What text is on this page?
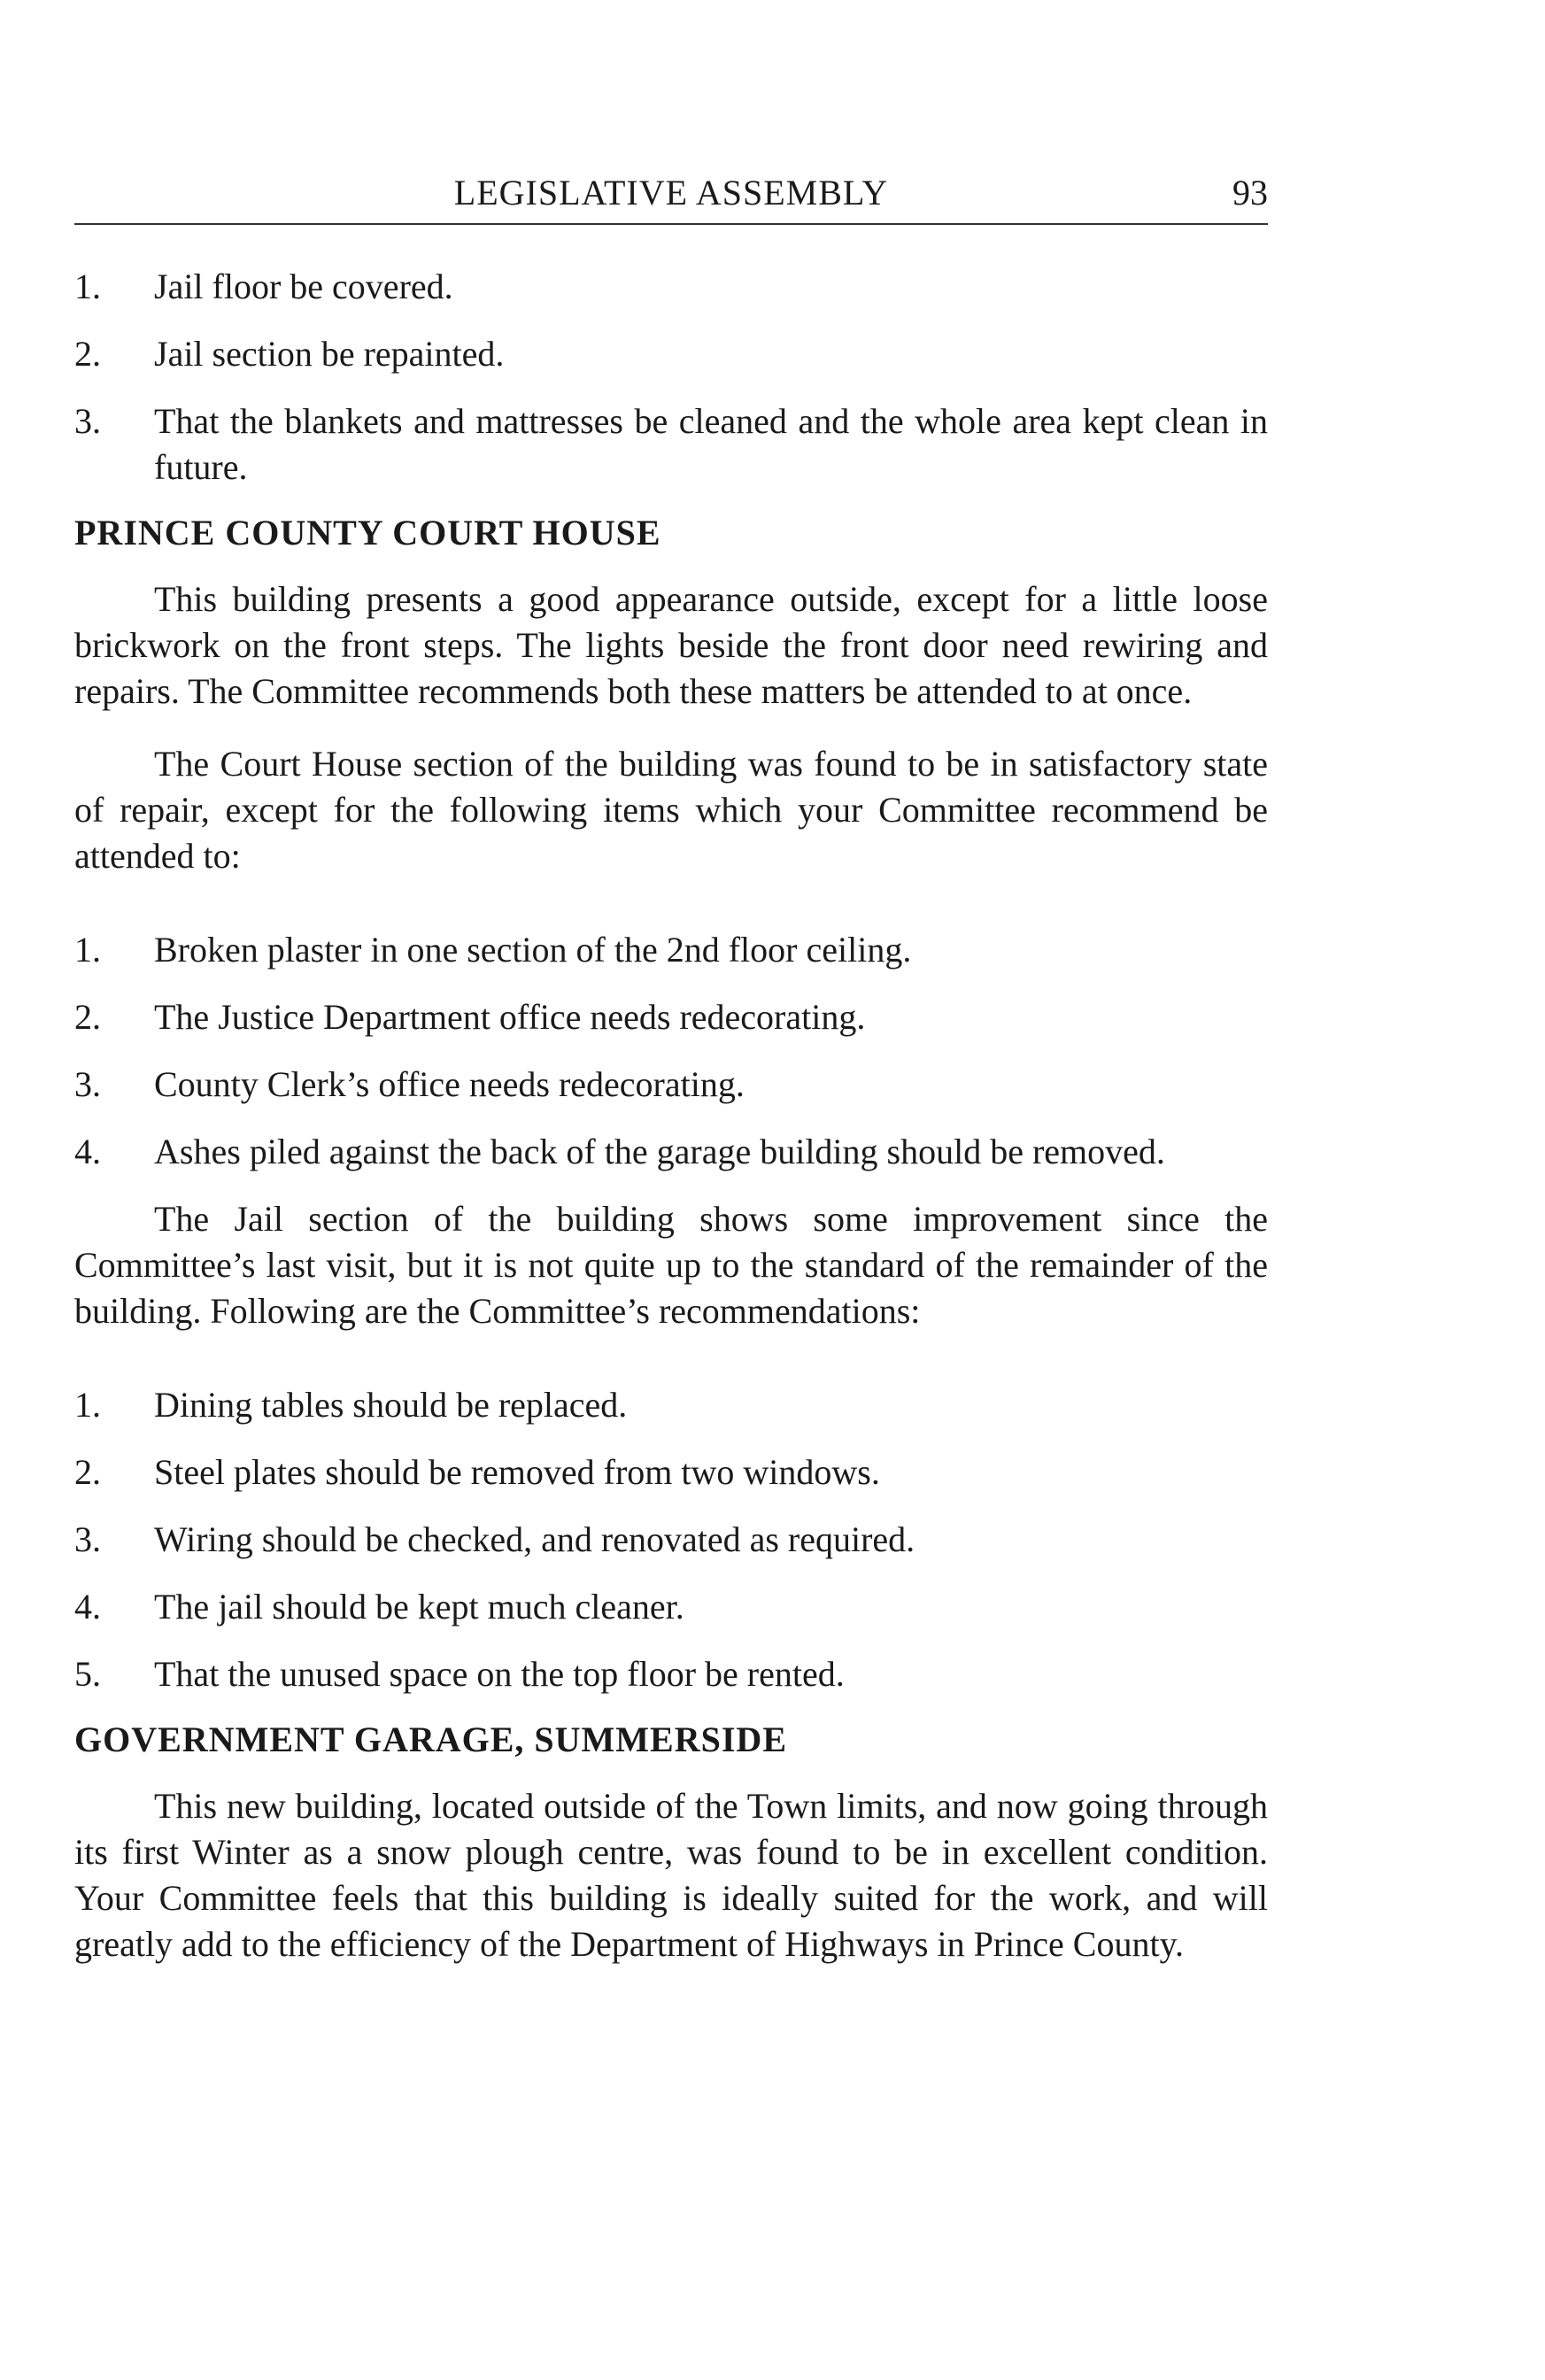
LEGISLATIVE ASSEMBLY	93
1.	Jail floor be covered.
2.	Jail section be repainted.
3.	That the blankets and mattresses be cleaned and the whole area kept clean in future.
PRINCE COUNTY COURT HOUSE

This building presents a good appearance outside, except for a little loose brickwork on the front steps. The lights beside the front door need rewiring and repairs. The Committee recommends both these matters be attended to at once.

The Court House section of the building was found to be in satisfactory state of repair, except for the following items which your Committee recommend be attended to:

1.	Broken plaster in one section of the 2nd floor ceiling.
2.	The Justice Department office needs redecorating.
3.	County Clerk’s office needs redecorating.
4.	Ashes piled against the back of the garage building should be removed.

The Jail section of the building shows some improvement since the Committee’s last visit, but it is not quite up to the standard of the remainder of the building. Following are the Committee’s recommendations:

1.	Dining tables should be replaced.
2.	Steel plates should be removed from two windows.
3.	Wiring should be checked, and renovated as required.
4.	The jail should be kept much cleaner.
5.	That the unused space on the top floor be rented.
GOVERNMENT GARAGE, SUMMERSIDE

This new building, located outside of the Town limits, and now going through its first Winter as a snow plough centre, was found to be in excellent condition. Your Committee feels that this building is ideally suited for the work, and will greatly add to the efficiency of the Department of Highways in Prince County.
